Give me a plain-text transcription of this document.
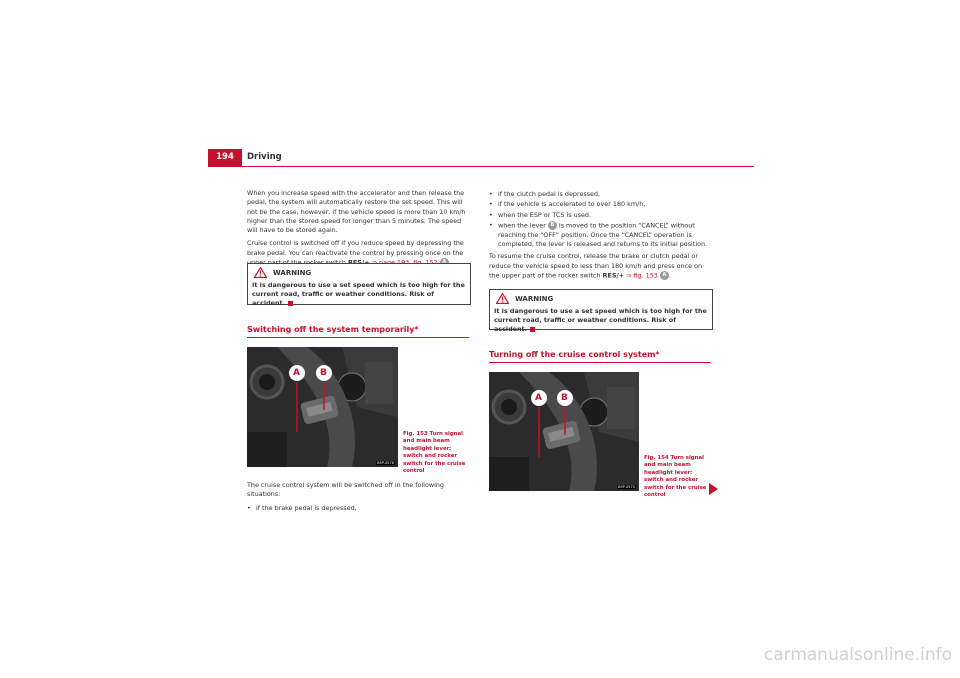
194	Driving

When you increase speed with the accelerator and then release the pedal, the system will automatically restore the set speed. This will not be the case, however, if the vehicle speed is more than 10 km/h higher than the stored speed for longer than 5 minutes. The speed will have to be stored again.

Cruise control is switched off if you reduce speed by depressing the brake pedal. You can reactivate the control by pressing once on the

WARNING
It is dangerous to use a set speed which is too high for the current road, traffic or weather conditions. Risk of accident.
Switching off the system temporarily*
A B
B5P-0576
Fig. 153 Turn signal and main beam headlight lever: switch and rocker switch for the cruise control

The cruise control system will be switched off in the following situations:

• if the brake pedal is depressed,
• if the clutch pedal is depressed,
• if the vehicle is accelerated to over 180 km/h,
• when the ESP or TCS is used.
• when the lever B is moved to the position “CANCEL” without reaching the “OFF” position. Once the “CANCEL” operation is completed, the lever is released and returns to its initial position.

To resume the cruise control, release the brake or clutch pedal or reduce the vehicle speed to less than 180 km/h and press once on the upper part of the rocker switch RES/+ ⇒ fig. 153 A .

WARNING
It is dangerous to use a set speed which is too high for the current road, traffic or weather conditions. Risk of accident.
Turning off the cruise control system*
A B
B5P-0570
Fig. 154 Turn signal and main beam headlight lever: switch and rocker switch for the cruise control
carmanualsonline.info
